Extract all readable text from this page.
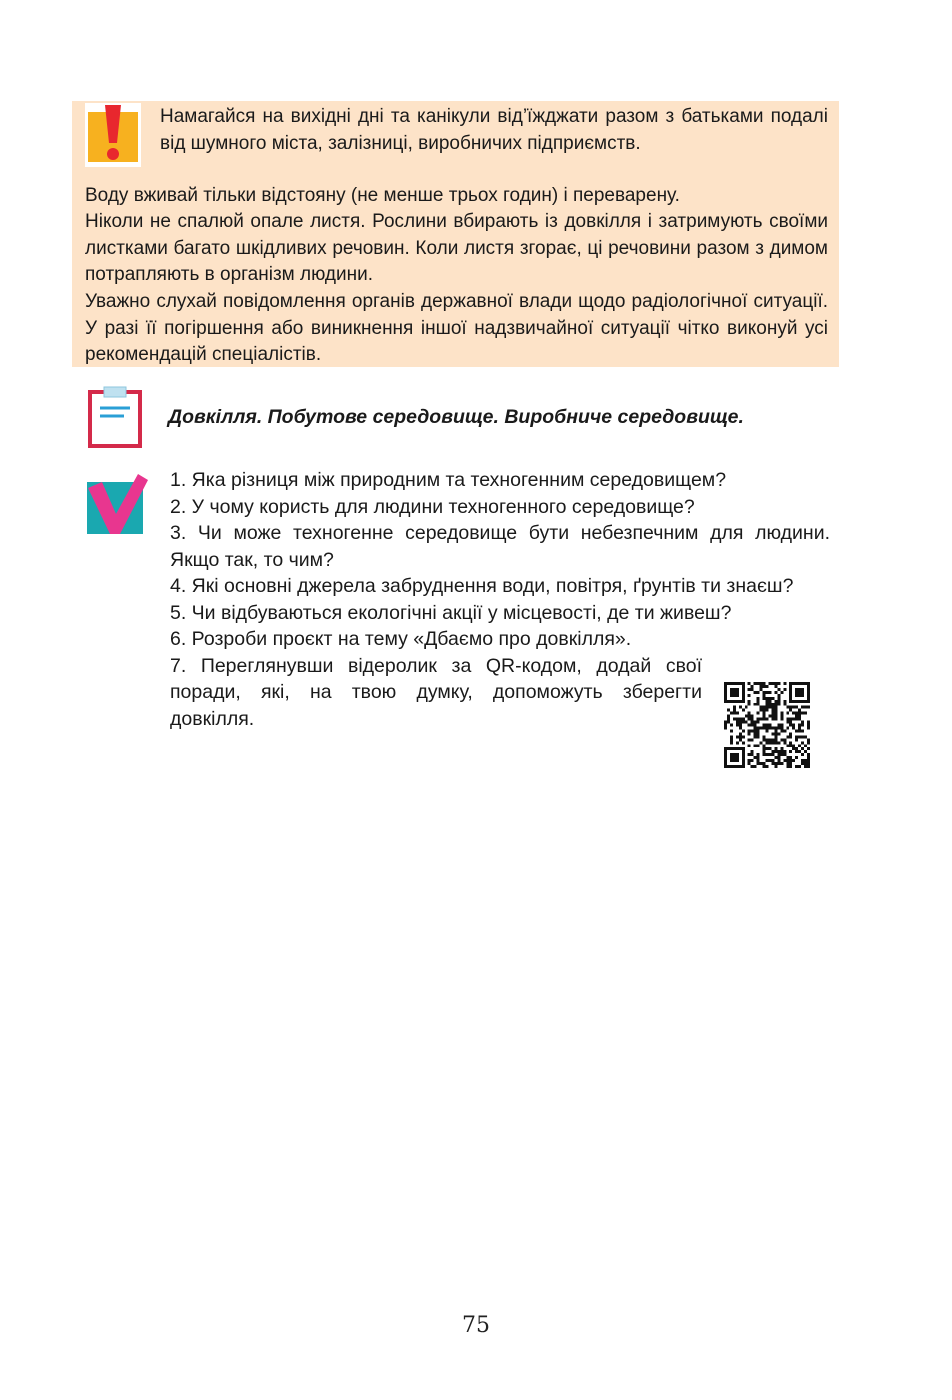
Намагайся на вихідні дні та канікули від’їжджати разом з батьками подалі від шумного міста, залізниці, виробничих підприємств.

Воду вживай тільки відстояну (не менше трьох годин) і переварену.

Ніколи не спалюй опале листя. Рослини вбирають із довкілля і затримують своїми листками багато шкідливих речовин. Коли листя згорає, ці речовини разом з димом потрапляють в організм людини.

Уважно слухай повідомлення органів державної влади щодо радіологічної ситуації. У разі її погіршення або виникнення іншої надзвичайної ситуації чітко виконуй усі рекомендацій спеціалістів.

Довкілля. Побутове середовище. Виробниче середовище.

1. Яка різниця між природним та техногенним середовищем?

2. У чому користь для людини техногенного середовище?

3. Чи може техногенне середовище бути небезпечним для людини. Якщо так, то чим?

4. Які основні джерела забруднення води, повітря, ґрунтів ти знаєш?

5. Чи відбуваються екологічні акції у місцевості, де ти живеш?

6. Розроби проєкт на тему «Дбаємо про довкілля».

7. Переглянувши відеролик за QR-кодом, додай свої поради, які, на твою думку, допоможуть зберегти довкілля.

75
